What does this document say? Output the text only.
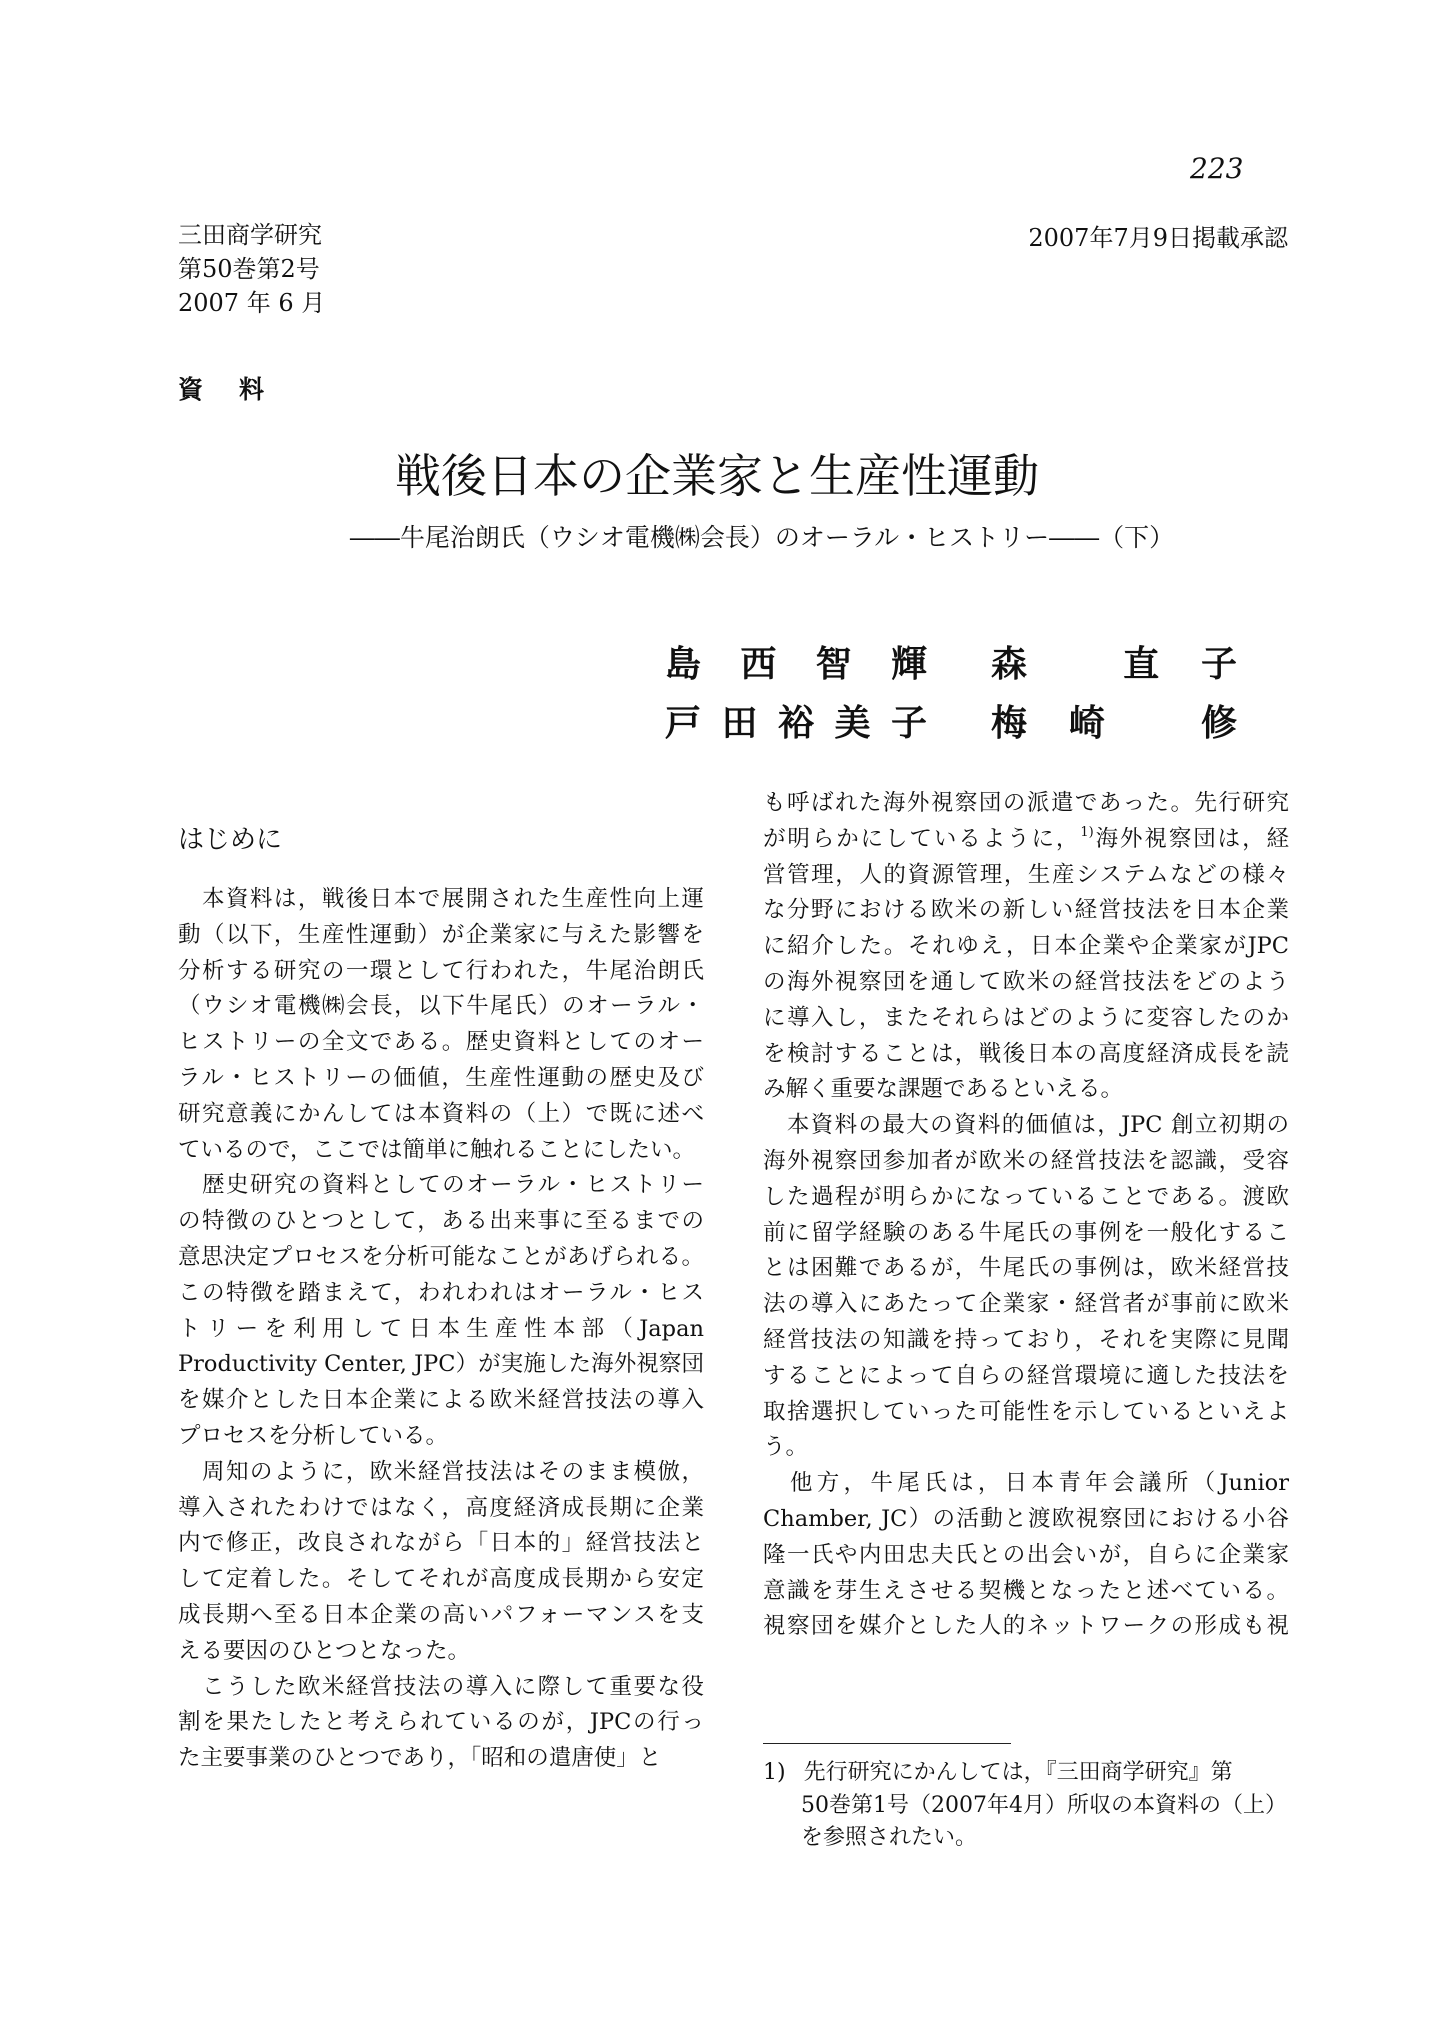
223
三田商学研究
第50巻第2号
2007 年 6 月
2007年7月9日掲載承認
資料
戦後日本の企業家と生産性運動
――牛尾治朗氏（ウシオ電機㈱会長）のオーラル・ヒストリー――（下）
島 西 智 輝 森
	直 子
戸 田 裕 美 子 梅 崎
	修
はじめに
　本資料は，戦後日本で展開された生産性向上運
動（以下，生産性運動）が企業家に与えた影響を
分析する研究の一環として行われた，牛尾治朗氏
（ウシオ電機㈱会長，以下牛尾氏）のオーラル・
ヒストリーの全文である。歴史資料としてのオー
ラル・ヒストリーの価値，生産性運動の歴史及び
研究意義にかんしては本資料の（上）で既に述べ
ているので，ここでは簡単に触れることにしたい。
　歴史研究の資料としてのオーラル・ヒストリー
の特徴のひとつとして，ある出来事に至るまでの
意思決定プロセスを分析可能なことがあげられる。
この特徴を踏まえて，われわれはオーラル・ヒス
トリーを利用して日本生産性本部（Japan
Productivity Center, JPC）が実施した海外視察団
を媒介とした日本企業による欧米経営技法の導入
プロセスを分析している。
　周知のように，欧米経営技法はそのまま模倣，
導入されたわけではなく，高度経済成長期に企業
内で修正，改良されながら「日本的」経営技法と
して定着した。そしてそれが高度成長期から安定
成長期へ至る日本企業の高いパフォーマンスを支
える要因のひとつとなった。
　こうした欧米経営技法の導入に際して重要な役
割を果たしたと考えられているのが，JPCの行っ
た主要事業のひとつであり，「昭和の遣唐使」と
も呼ばれた海外視察団の派遣であった。先行研究
が明らかにしているように，$^{1)}$海外視察団は，経
営管理，人的資源管理，生産システムなどの様々
な分野における欧米の新しい経営技法を日本企業
に紹介した。それゆえ，日本企業や企業家がJPC
の海外視察団を通して欧米の経営技法をどのよう
に導入し，またそれらはどのように変容したのか
を検討することは，戦後日本の高度経済成長を読
み解く重要な課題であるといえる。
　本資料の最大の資料的価値は，JPC 創立初期の
海外視察団参加者が欧米の経営技法を認識，受容
した過程が明らかになっていることである。渡欧
前に留学経験のある牛尾氏の事例を一般化するこ
とは困難であるが，牛尾氏の事例は，欧米経営技
法の導入にあたって企業家・経営者が事前に欧米
経営技法の知識を持っており，それを実際に見聞
することによって自らの経営環境に適した技法を
取捨選択していった可能性を示しているといえよ
う。
　他方，牛尾氏は，日本青年会議所（Junior
Chamber, JC）の活動と渡欧視察団における小谷
隆一氏や内田忠夫氏との出会いが，自らに企業家
意識を芽生えさせる契機となったと述べている。
視察団を媒介とした人的ネットワークの形成も視
1) 先行研究にかんしては，『三田商学研究』第
50巻第1号（2007年4月）所収の本資料の（上）
を参照されたい。
